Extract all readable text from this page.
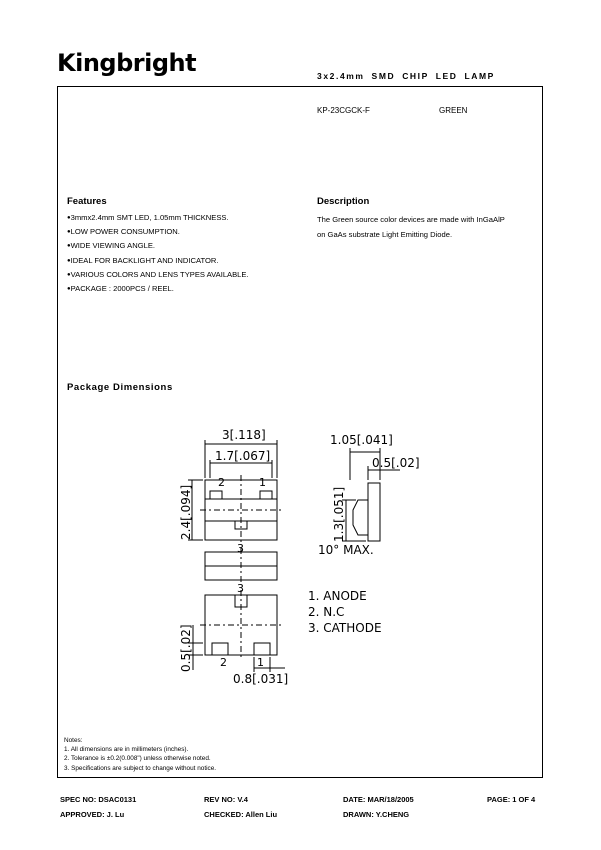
Kingbright	3x2.4mm SMD CHIP LED LAMP
KP-23CGCK-F	GREEN
Features
● 3mmx2.4mm SMT LED, 1.05mm THICKNESS.
● LOW POWER CONSUMPTION.
● WIDE VIEWING ANGLE.
● IDEAL FOR BACKLIGHT AND INDICATOR.
● VARIOUS COLORS AND LENS TYPES AVAILABLE.
● PACKAGE : 2000PCS / REEL.
Description
The Green source color devices are made with InGaAlP
on GaAs substrate Light Emitting Diode.
Package Dimensions
3[.118]
1.7[.067]
2	1
3
2.4[.094]
3
2	1
0.5[.02]
0.8[.031]
1.05[.041]
0.5[.02]
1.3[.051]
10° MAX.
1. ANODE
2. N.C
3. CATHODE
Notes:
1. All dimensions are in millimeters (inches).
2. Tolerance is ±0.2(0.008") unless otherwise noted.
3. Specifications are subject to change without notice.
SPEC NO: DSAC0131	REV NO: V.4	DATE: MAR/18/2005	PAGE: 1 OF 4
APPROVED: J. Lu	CHECKED: Allen Liu	DRAWN: Y.CHENG
